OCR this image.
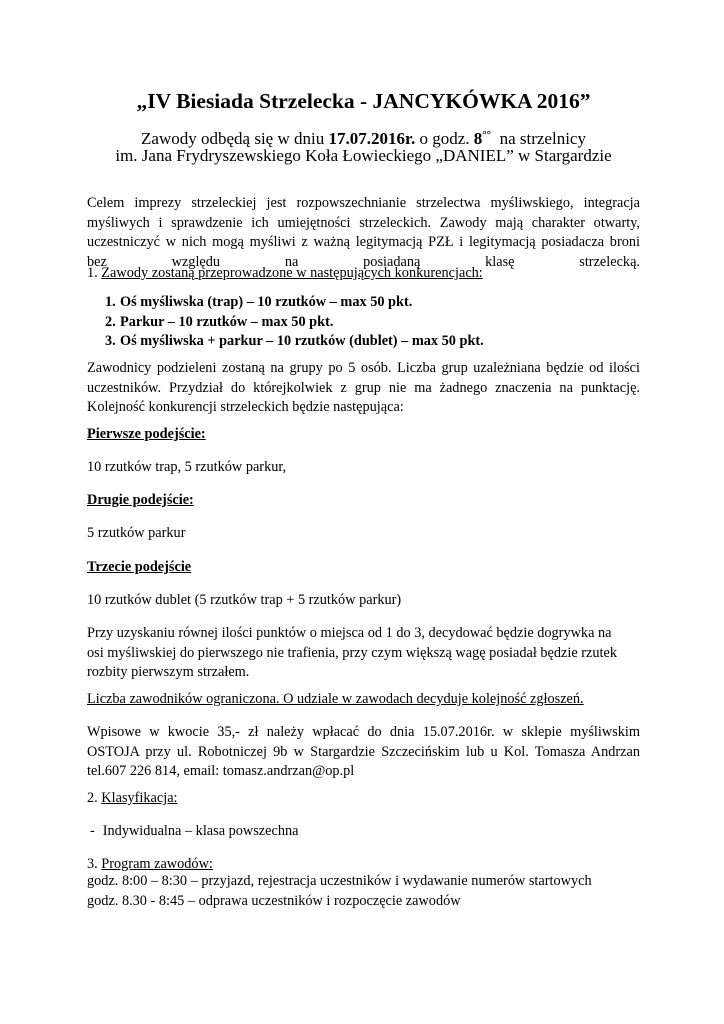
„IV Biesiada Strzelecka - JANCYKÓWKA 2016”
Zawody odbędą się w dniu 17.07.2016r. o godz. 8°°  na strzelnicy
im. Jana Frydryszewskiego Koła Łowieckiego „DANIEL” w Stargardzie
Celem imprezy strzeleckiej jest rozpowszechnianie strzelectwa myśliwskiego, integracja
myśliwych i sprawdzenie ich umiejętności strzeleckich. Zawody mają charakter otwarty,
uczestniczyć w nich mogą myśliwi z ważną legitymacją PZŁ i legitymacją posiadacza broni
bez względu na posiadaną klasę strzelecką.
1. Zawody zostaną przeprowadzone w następujących konkurencjach:
1. Oś myśliwska (trap) – 10 rzutków – max 50 pkt.
2. Parkur – 10 rzutków – max 50 pkt.
3. Oś myśliwska + parkur – 10 rzutków (dublet) – max 50 pkt.
Zawodnicy podzieleni zostaną na grupy po 5 osób. Liczba grup uzależniana będzie od ilości
uczestników. Przydział do którejkolwiek z grup nie ma żadnego znaczenia na punktację.
Kolejność konkurencji strzeleckich będzie następująca:
Pierwsze podejście:
10 rzutków trap, 5 rzutków parkur,
Drugie podejście:
5 rzutków parkur
Trzecie podejście
10 rzutków dublet (5 rzutków trap + 5 rzutków parkur)
Przy uzyskaniu równej ilości punktów o miejsca od 1 do 3, decydować będzie dogrywka na
osi myśliwskiej do pierwszego nie trafienia, przy czym większą wagę posiadał będzie rzutek
rozbity pierwszym strzałem.
Liczba zawodników ograniczona. O udziale w zawodach decyduje kolejność zgłoszeń.
Wpisowe w kwocie 35,- zł należy wpłacać do dnia 15.07.2016r. w sklepie myśliwskim
OSTOJA przy ul. Robotniczej 9b w Stargardzie Szczecińskim lub u Kol. Tomasza Andrzan
tel.607 226 814, email: tomasz.andrzan@op.pl
2. Klasyfikacja:
- Indywidualna – klasa powszechna
3. Program zawodów:
godz. 8:00 – 8:30 – przyjazd, rejestracja uczestników i wydawanie numerów startowych
godz. 8.30 - 8:45 – odprawa uczestników i rozpoczęcie zawodów
